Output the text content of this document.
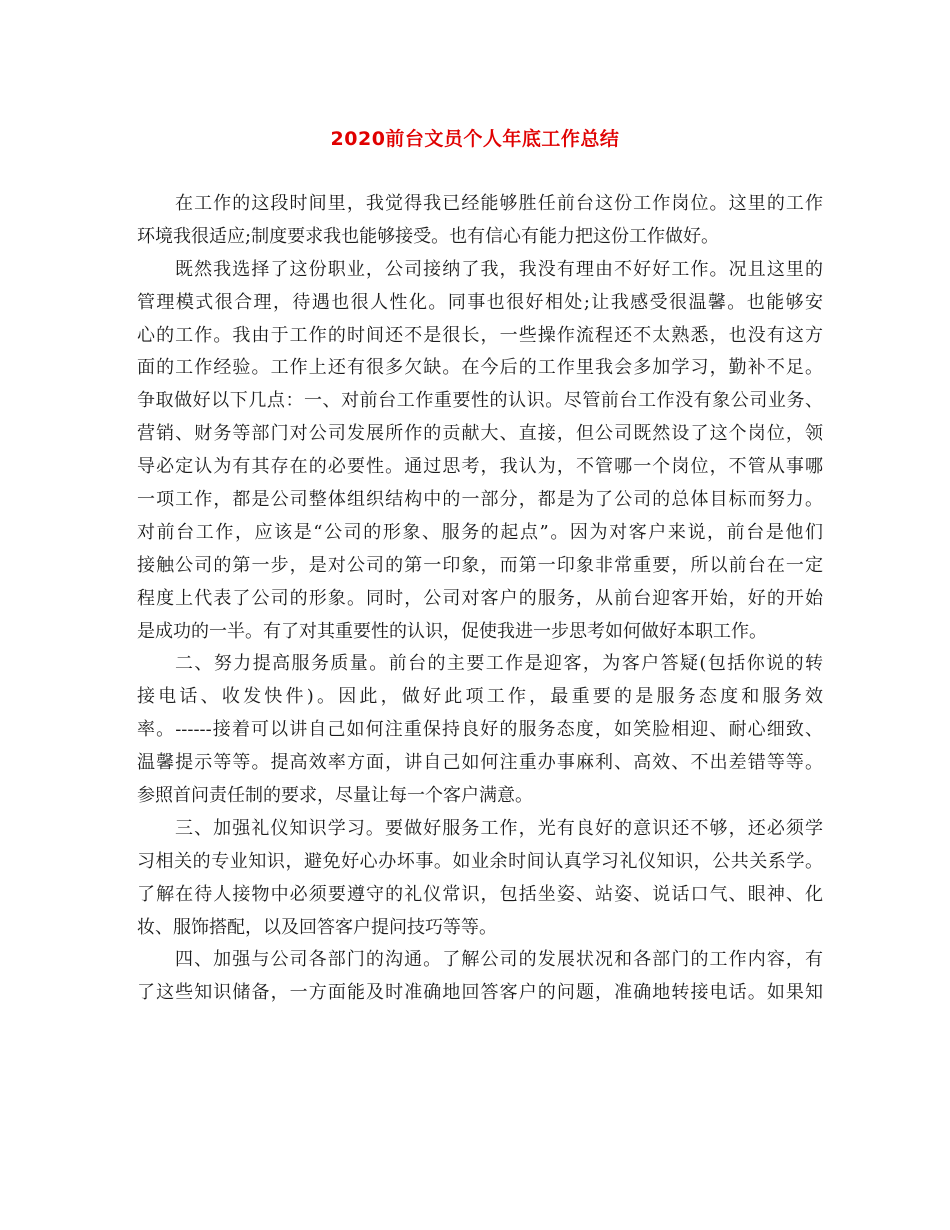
2020前台文员个人年底工作总结
在工作的这段时间里，我觉得我已经能够胜任前台这份工作岗位。这里的工作
环境我很适应;制度要求我也能够接受。也有信心有能力把这份工作做好。
既然我选择了这份职业，公司接纳了我，我没有理由不好好工作。况且这里的
管理模式很合理，待遇也很人性化。同事也很好相处;让我感受很温馨。也能够安
心的工作。我由于工作的时间还不是很长，一些操作流程还不太熟悉，也没有这方
面的工作经验。工作上还有很多欠缺。在今后的工作里我会多加学习，勤补不足。
争取做好以下几点：一、对前台工作重要性的认识。尽管前台工作没有象公司业务、
营销、财务等部门对公司发展所作的贡献大、直接，但公司既然设了这个岗位，领
导必定认为有其存在的必要性。通过思考，我认为，不管哪一个岗位，不管从事哪
一项工作，都是公司整体组织结构中的一部分，都是为了公司的总体目标而努力。
对前台工作，应该是“公司的形象、服务的起点”。因为对客户来说，前台是他们
接触公司的第一步，是对公司的第一印象，而第一印象非常重要，所以前台在一定
程度上代表了公司的形象。同时，公司对客户的服务，从前台迎客开始，好的开始
是成功的一半。有了对其重要性的认识，促使我进一步思考如何做好本职工作。
二、努力提高服务质量。前台的主要工作是迎客，为客户答疑(包括你说的转
接电话、收发快件)。因此，做好此项工作，最重要的是服务态度和服务效
率。------接着可以讲自己如何注重保持良好的服务态度，如笑脸相迎、耐心细致、
温馨提示等等。提高效率方面，讲自己如何注重办事麻利、高效、不出差错等等。
参照首问责任制的要求，尽量让每一个客户满意。
三、加强礼仪知识学习。要做好服务工作，光有良好的意识还不够，还必须学
习相关的专业知识，避免好心办坏事。如业余时间认真学习礼仪知识，公共关系学。
了解在待人接物中必须要遵守的礼仪常识，包括坐姿、站姿、说话口气、眼神、化
妆、服饰搭配，以及回答客户提问技巧等等。
四、加强与公司各部门的沟通。了解公司的发展状况和各部门的工作内容，有
了这些知识储备，一方面能及时准确地回答客户的问题，准确地转接电话。如果知
